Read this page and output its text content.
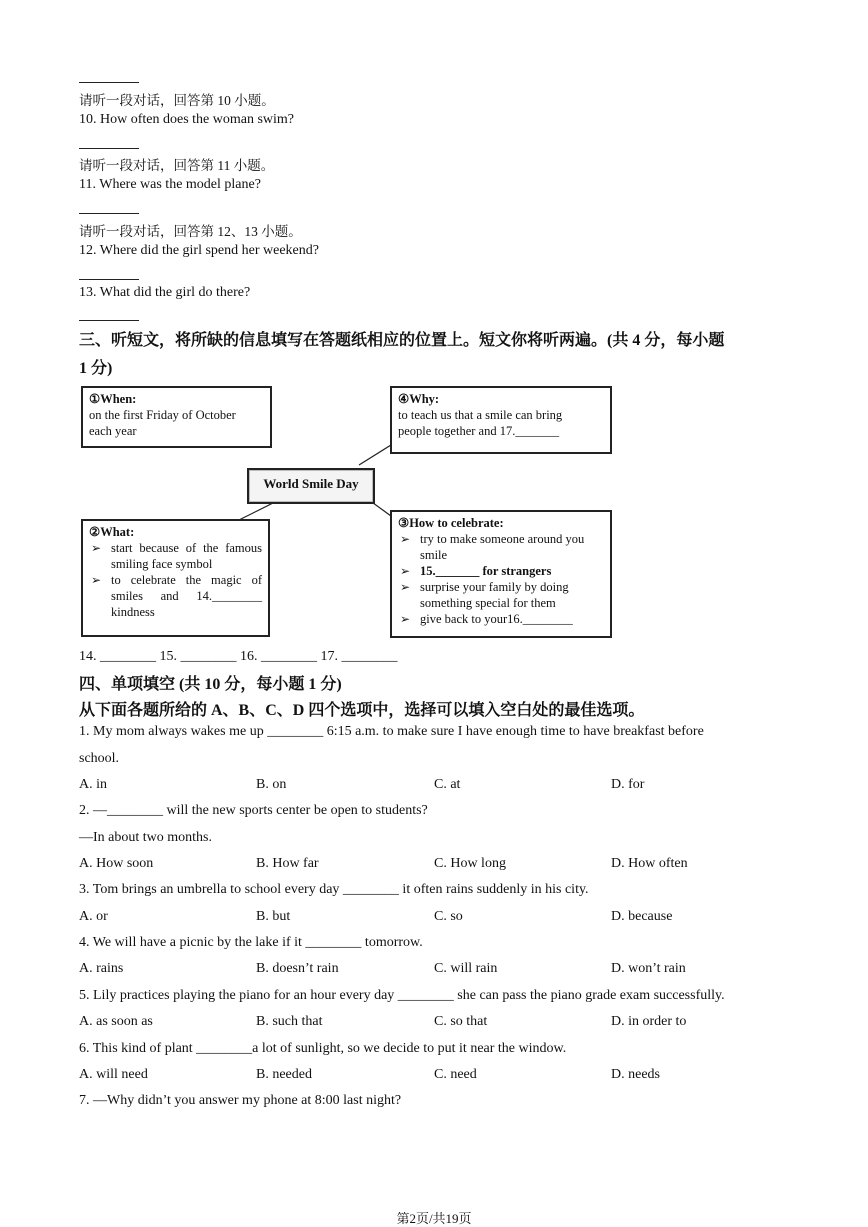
请听一段对话，回答第 10 小题。
10. How often does the woman swim?
请听一段对话，回答第 11 小题。
11. Where was the model plane?
请听一段对话，回答第 12、13 小题。
12. Where did the girl spend her weekend?
13. What did the girl do there?
三、听短文，将所缺的信息填写在答题纸相应的位置上。短文你将听两遍。(共 4 分，每小题
1 分)
①When:
on the first Friday of October
each year
④Why:
to teach us that a smile can bring
people together and 17._______
World Smile Day
②What:
➢ start because of the famous smiling face symbol
➢ to celebrate the magic of smiles and 14.________ kindness
③How to celebrate:
➢ try to make someone around you smile
➢ 15._______ for strangers
➢ surprise your family by doing something special for them
➢ give back to your16.________
14. ________ 15. ________ 16. ________ 17. ________
四、单项填空 (共 10 分，每小题 1 分)
从下面各题所给的 A、B、C、D 四个选项中，选择可以填入空白处的最佳选项。
1. My mom always wakes me up ________ 6:15 a.m. to make sure I have enough time to have breakfast before
school.
A. in	B. on	C. at	D. for
2. —________ will the new sports center be open to students?
—In about two months.
A. How soon	B. How far	C. How long	D. How often
3. Tom brings an umbrella to school every day ________ it often rains suddenly in his city.
A. or	B. but	C. so	D. because
4. We will have a picnic by the lake if it ________ tomorrow.
A. rains	B. doesn’t rain	C. will rain	D. won’t rain
5. Lily practices playing the piano for an hour every day ________ she can pass the piano grade exam successfully.
A. as soon as	B. such that	C. so that	D. in order to
6. This kind of plant ________a lot of sunlight, so we decide to put it near the window.
A. will need	B. needed	C. need	D. needs
7. —Why didn’t you answer my phone at 8:00 last night?
第2页/共19页
